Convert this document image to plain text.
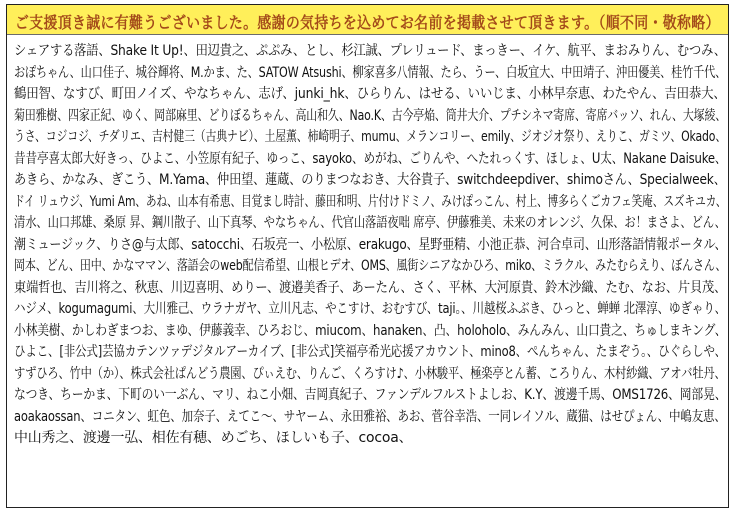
ご支援頂き誠に有難うございました。感謝の気持ちを込めてお名前を掲載させて頂きます。（順不同・敬称略）
シェアする落語、Shake It Up!、田辺貴之、ぷぷみ、とし、杉江誠、プレリュード、まっきー、イケ、航平、まおみりん、むつみ、
おぽちゃん、山口佳子、城谷輝将、M.かま、た、SATOW Atsushi、柳家喜多八情報、たら、うー、白坂宜大、中田靖子、沖田優美、桂竹千代、
鶴田智、なすび、町田ノイズ、やなちゃん、志げ、junki_hk、ひらりん、はせる、いいじま、小林早奈恵、わたやん、吉田恭大、
菊田雅樹、四家正紀、ゆく、岡部麻里、どりぼるちゃん、高山和久、Nao.K、古今亭焔、筒井大介、プチシネマ寄席、寄席バッソ、れん、大塚綾、
うさ、コジコジ、チダリエ、吉村健三（古典ナビ）、土屋薫、柿崎明子、mumu、メランコリー、emily、ジオジオ祭り、えりこ、ガミツ、Okado、
昔昔亭喜太郎大好きっ、ひよこ、小笠原有紀子、ゆっこ、sayoko、めがね、ごりんや、へたれっくす、ほしょ、U太、Nakane Daisuke、
あきら、かなみ、ぎこう、M.Yama、仲田望、蓮蔵、のりまつなおき、大谷貴子、switchdeepdiver、shimoさん、Specialweek、
ドイ リュウジ、Yumi Am、あね、山本有希恵、目覚まし時計、藤田和明、片付けドミノ、みけぽっこん、村上、博多らくごカフェ笑庵、スズキユカ、
清水、山口邦雄、桑原 昇、鋼川散子、山下真琴、やなちゃん、代官山落語夜咄 席亭、伊藤雅美、未来のオレンジ、久保、お！まさよ、どん、
潮ミュージック、りさ@与太郎、satocchi、石坂亮一、小松原、erakugo、星野亜精、小池正恭、河合卓司、山形落語情報ポータル、
岡本、どん、田中、かなママン、落語会のweb配信希望、山根ヒデオ、OMS、風街シニアなかひろ、miko、ミラクル、みたむらえり、ぼんさん、
東端哲也、吉川将之、秋恵、川辺喜明、めりー、渡邉美香子、あーたん、さく、平林、大河原貴、鈴木沙織、たむ、なお、片貝茂、
ハジメ、kogumagumi、大川雅己、ウラナガヤ、立川凡志、やこすけ、おむすび、taji。、川越桜ふぶき、ひっと、蝉蝉 北澤淳、ゆぎゃり、
小林美樹、かしわぎまつお、まゆ、伊藤義幸、ひろおじ、miucom、hanaken、凸、holoholo、みんみん、山口貴之、ちゅしまキング、
ひよこ、[非公式]芸協カテンツァデジタルアーカイブ、[非公式]笑福亭希光応援アカウント、mino8、ぺんちゃん、たまぞう。、ひぐらしや、
すずひろ、竹中（か）、株式会社ぱんどう農園、ぴぃえむ、りんご、くろすけ♪、小林駿平、極楽亭とん蓄、ころりん、木村紗織、アオバ牡丹、
なつき、ちーかま、下町のい一ぶん、マリ、ねこ小畑、吉岡真紀子、ファンデルフルストよしお、K.Y、渡邊千馬、OMS1726、岡部晃、
aoakaossan、コニタン、虹色、加奈子、えてこ～、サヤーム、永田雅裕、あお、菅谷幸浩、一同レイソル、蔵猫、はせぴょん、中嶋友恵、
中山秀之、渡邊一弘、相佐有穂、めごち、ほしいも子、cocoa、
